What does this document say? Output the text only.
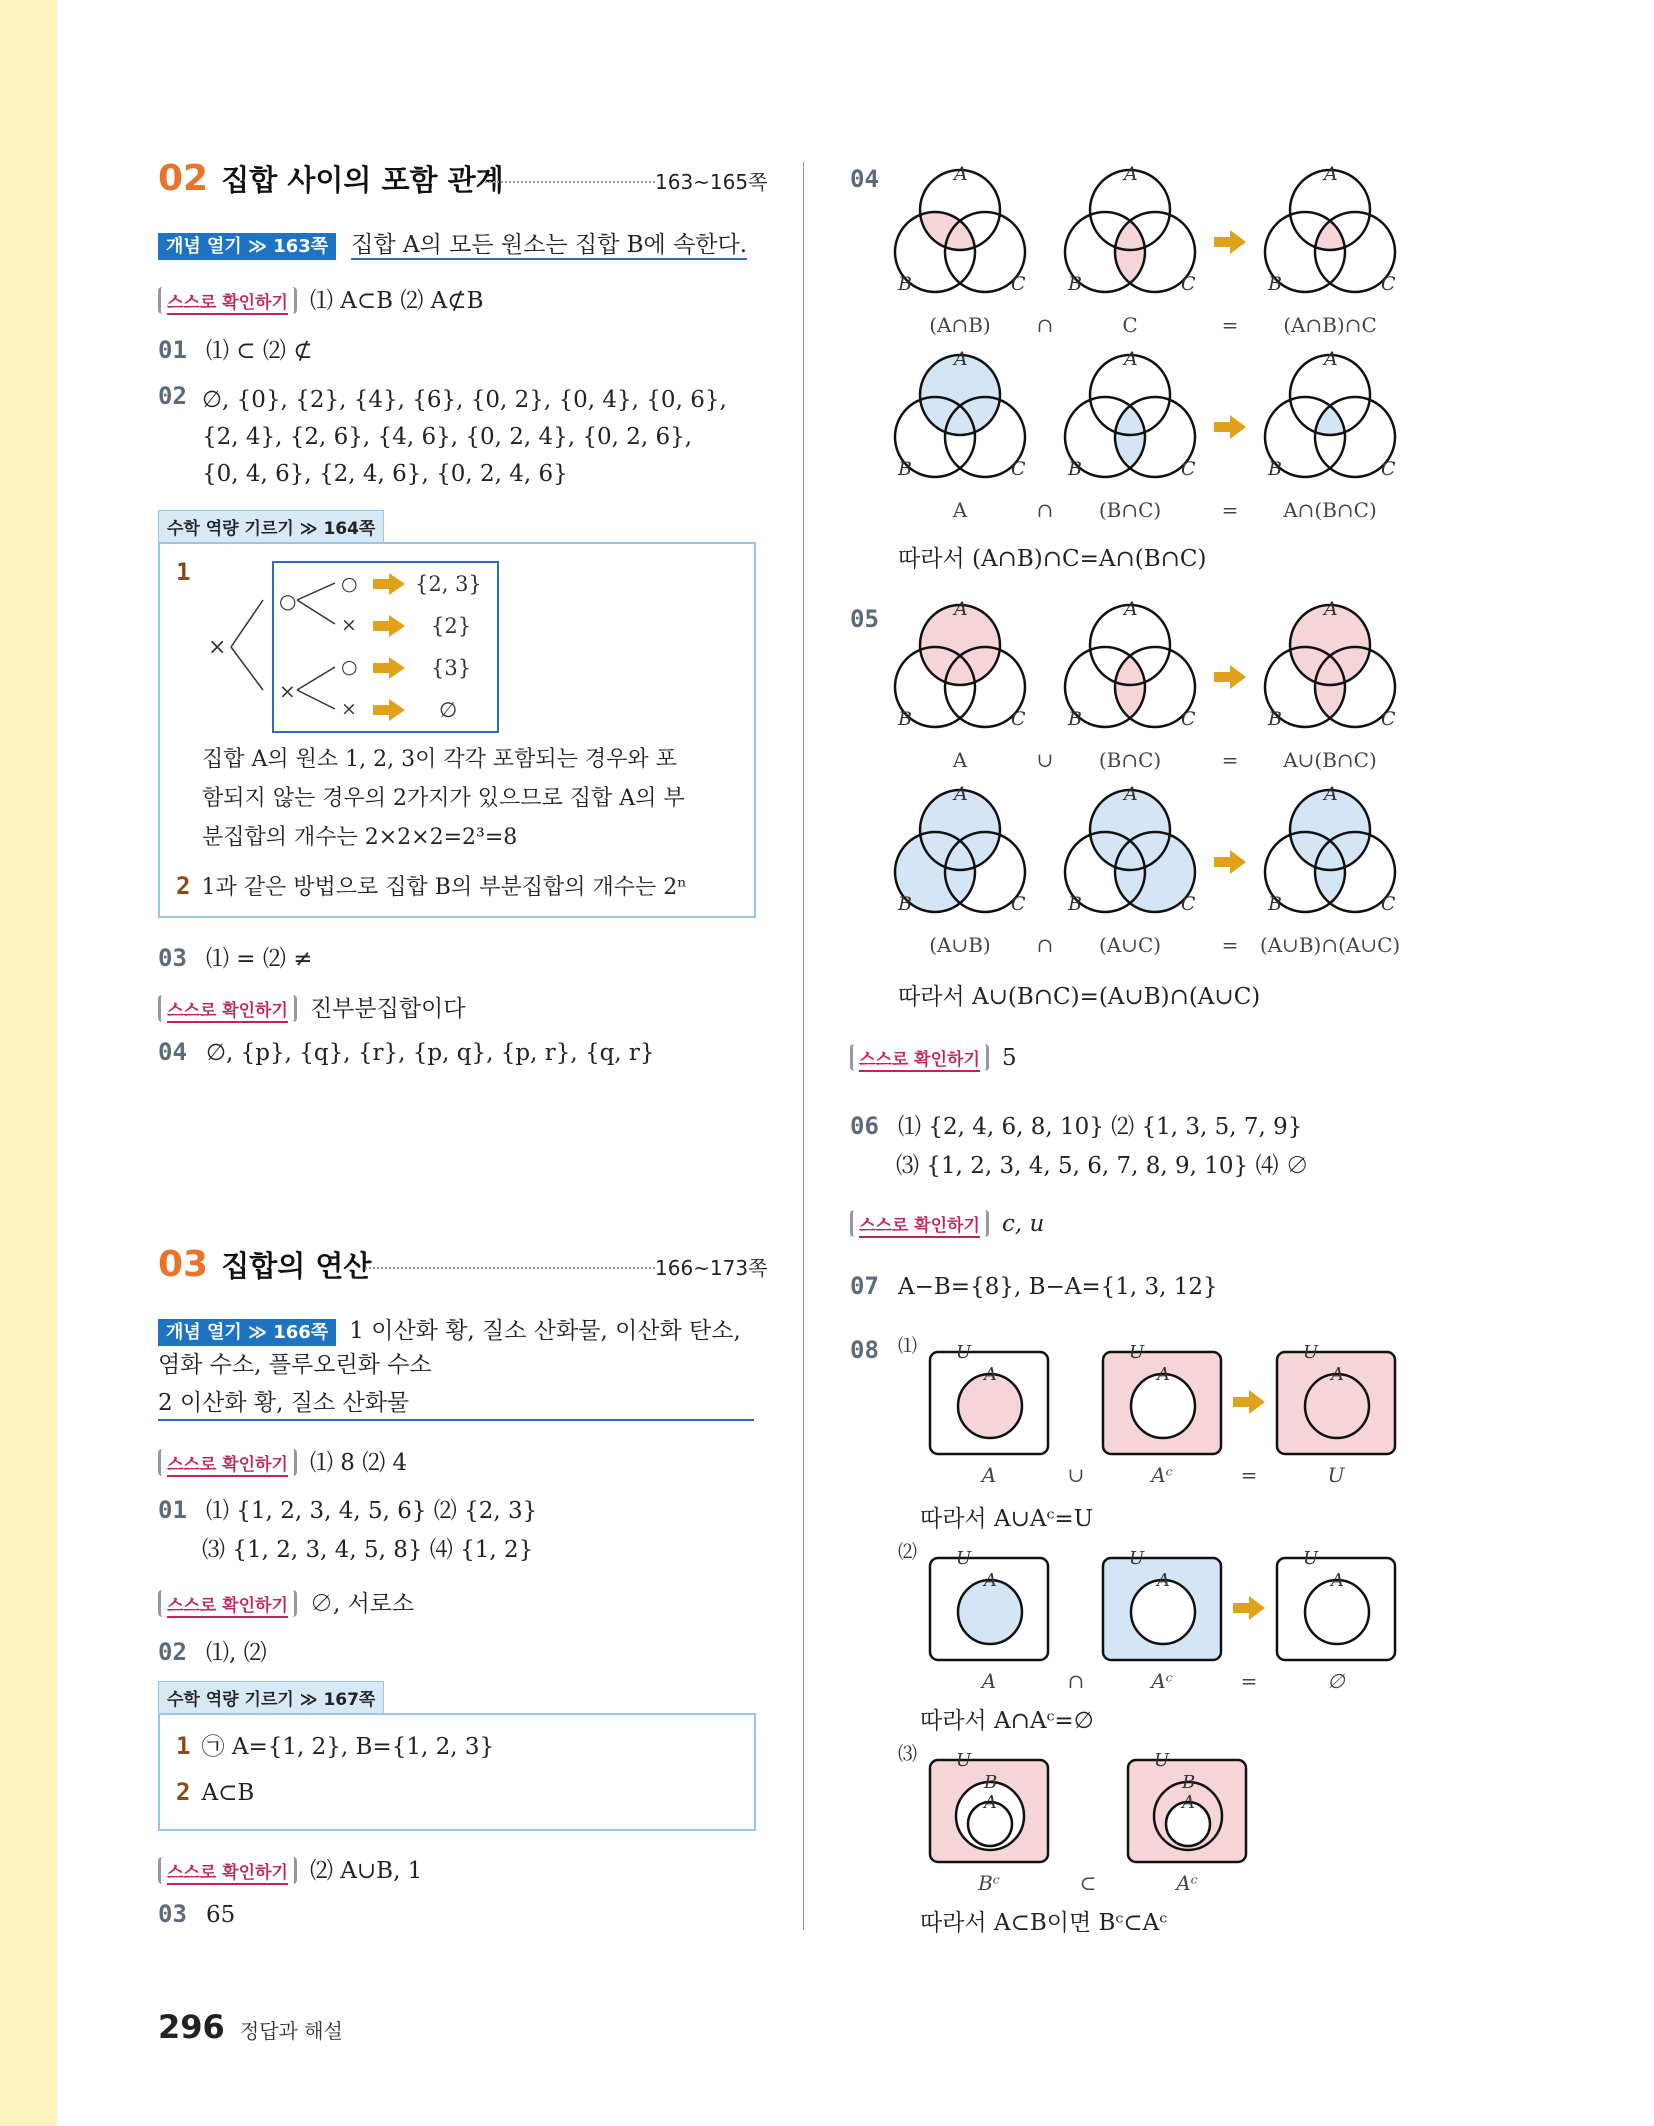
02 집합 사이의 포함 관계	163~165쪽
개념 열기 ≫ 163쪽 집합 A의 모든 원소는 집합 B에 속한다.
스스로 확인하기 ⑴ A⊂B ⑵ A⊄B
01 ⑴ ⊂ ⑵ ⊄
02 ∅, {0}, {2}, {4}, {6}, {0, 2}, {0, 4}, {0, 6},
{2, 4}, {2, 6}, {4, 6}, {0, 2, 4}, {0, 2, 6},
{0, 4, 6}, {2, 4, 6}, {0, 2, 4, 6}
수학 역량 기르기 ≫ 164쪽
1
×
○
×
○
×
○
×
{2, 3}
{2}
{3}
∅
집합 A의 원소 1, 2, 3이 각각 포함되는 경우와 포
함되지 않는 경우의 2가지가 있으므로 집합 A의 부
분집합의 개수는 2×2×2=2³=8
2 1과 같은 방법으로 집합 B의 부분집합의 개수는 2ⁿ
03 ⑴ = ⑵ ≠
스스로 확인하기 진부분집합이다
04 ∅, {p}, {q}, {r}, {p, q}, {p, r}, {q, r}
03 집합의 연산	166~173쪽
개념 열기 ≫ 166쪽 1 이산화 황, 질소 산화물, 이산화 탄소,
염화 수소, 플루오린화 수소
2 이산화 황, 질소 산화물
스스로 확인하기 ⑴ 8 ⑵ 4
01 ⑴ {1, 2, 3, 4, 5, 6} ⑵ {2, 3}
⑶ {1, 2, 3, 4, 5, 8} ⑷ {1, 2}
스스로 확인하기 ∅, 서로소
02 ⑴, ⑵
수학 역량 기르기 ≫ 167쪽
1 ㉠ A={1, 2}, B={1, 2, 3}
2 A⊂B
스스로 확인하기 ⑵ A∪B, 1
03 65
296 정답과 해설
04
05
A	A	A
B	B	B
C	C	C
A	A	A
B	B	B
C	C	C
A	A	A
B	B	B
C	C	C
A	A	A
B	B	B
C	C	C
(A∩B) ∩	C	= (A∩B)∩C
A	∩ (B∩C)	= A∩(B∩C)
A	∪ (B∩C)	= A∪(B∩C)
(A∪B) ∩ (A∪C)	= (A∪B)∩(A∪C)
따라서 (A∩B)∩C=A∩(B∩C)
따라서 A∪(B∩C)=(A∪B)∩(A∪C)
스스로 확인하기 5
06 ⑴ {2, 4, 6, 8, 10} ⑵ {1, 3, 5, 7, 9}
⑶ {1, 2, 3, 4, 5, 6, 7, 8, 9, 10} ⑷ ∅
스스로 확인하기 c, u
07 A−B={8}, B−A={1, 3, 12}
08 ⑴
⑵
⑶
U	U	U
A	A	A
U	U	U
A	A	A
U	U
B	B
A	A
A	∪	Aᶜ	=	U
A	∩	Aᶜ	=	∅
Bᶜ	⊂	Aᶜ
따라서 A∪Aᶜ=U
따라서 A∩Aᶜ=∅
따라서 A⊂B이면 Bᶜ⊂Aᶜ
